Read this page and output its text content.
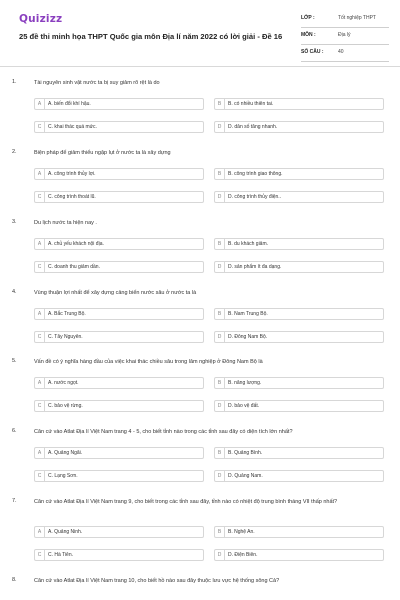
Quizizz
25 đề thi minh họa THPT Quốc gia môn Địa lí năm 2022 có lời giải - Đề 16
LỚP :	Tốt nghiệp THPT
MÔN :	Địa lý
SỐ CÂU :	40
1.	Tài nguyên sinh vật nước ta bị suy giảm rõ rệt là do
A	A. biến đổi khí hậu.	B	B. có nhiều thiên tai.
C	C. khai thác quá mức.	D	D. dân số tăng nhanh.
2.	Biện pháp để giảm thiểu ngập lụt ở nước ta là xây dựng
A	A. công trình thủy lợi.	B	B. công trình giao thông.
C	C. công trình thoát lũ.	D	D. công trình thủy điện..
3.	Du lịch nước ta hiện nay .
A	A. chủ yếu khách nội địa.	B	B. du khách giảm.
C	C. doanh thu giảm dần.	D	D. sản phẩm ít đa dạng.
4.	Vùng thuận lợi nhất để xây dựng cảng biển nước sâu ở nước ta là
A	A. Bắc Trung Bộ.	B	B. Nam Trung Bộ.
C	C. Tây Nguyên.	D	D. Đông Nam Bộ.
5.	Vấn đề có ý nghĩa hàng đầu của việc khai thác chiều sâu trong lâm nghiệp ở Đông Nam Bộ là
A	A. nước ngọt.	B	B. năng lượng.
C	C. bảo vệ rừng.	D	D. bảo vệ đất.
6.	Căn cứ vào Atlat Địa lí Việt Nam trang 4 - 5, cho biết tỉnh nào trong các tỉnh sau đây có diện tích lớn nhất?
A	A. Quảng Ngãi.	B	B. Quảng Bình.
C	C. Lạng Sơn.	D	D. Quảng Nam.
7.	Căn cứ vào Atlat Địa lí Việt Nam trang 9, cho biết trong các tỉnh sau đây, tỉnh nào có nhiệt độ trung bình tháng VII thấp nhất?
A	A. Quảng Ninh.	B	B. Nghệ An.
C	C. Hà Tiên.	D	D. Điện Biên.
8.	Căn cứ vào Atlat Địa lí Việt Nam trang 10, cho biết hồ nào sau đây thuộc lưu vực hệ thống sông Cả?
